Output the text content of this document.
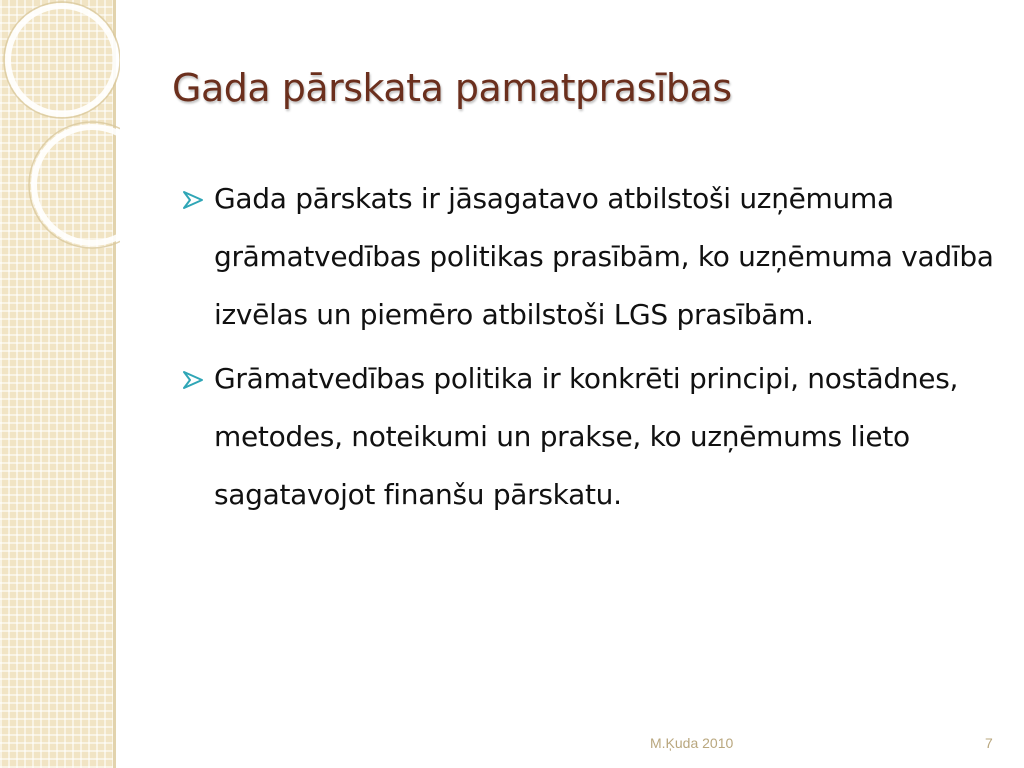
Gada pārskata pamatprasības
Gada pārskats ir jāsagatavo atbilstoši uzņēmuma grāmatvedības politikas prasībām, ko uzņēmuma vadība izvēlas un piemēro atbilstoši LGS prasībām.
Grāmatvedības politika ir konkrēti principi, nostādnes, metodes, noteikumi un prakse, ko uzņēmums lieto sagatavojot finanšu pārskatu.
M.Ķuda 2010	7
